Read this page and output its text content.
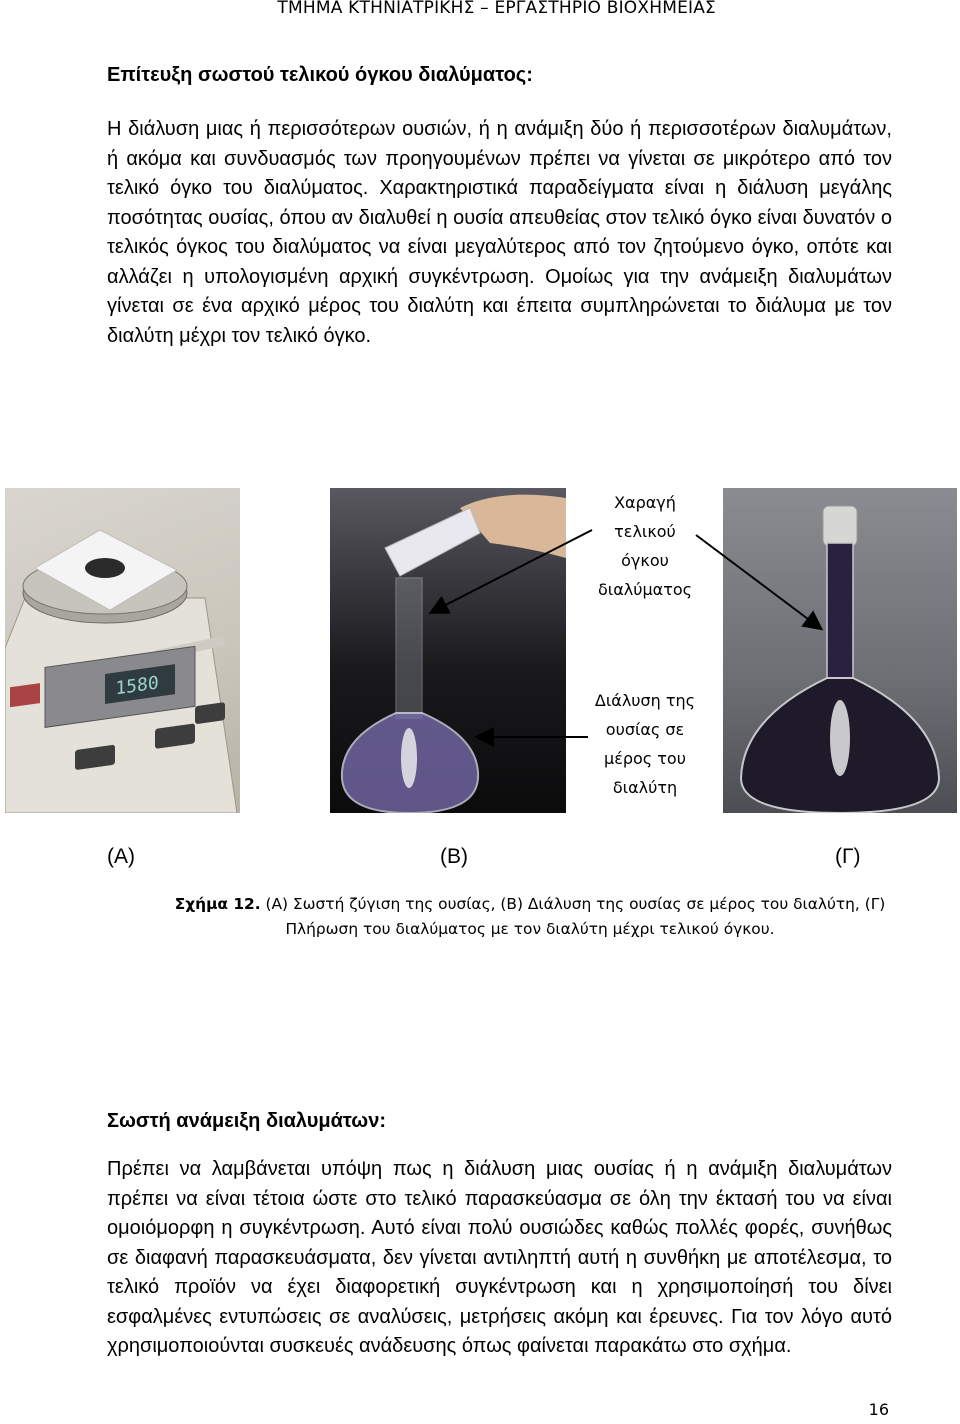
ΤΜΗΜΑ ΚΤΗΝΙΑΤΡΙΚΗΣ – ΕΡΓΑΣΤΗΡΙΟ ΒΙΟΧΗΜΕΙΑΣ
Επίτευξη σωστού τελικού όγκου διαλύματος:
Η διάλυση μιας ή περισσότερων ουσιών, ή η ανάμιξη δύο ή περισσοτέρων διαλυμάτων, ή ακόμα και συνδυασμός των προηγουμένων πρέπει να γίνεται σε μικρότερο από τον τελικό όγκο του διαλύματος. Χαρακτηριστικά παραδείγματα είναι η διάλυση μεγάλης ποσότητας ουσίας, όπου αν διαλυθεί η ουσία απευθείας στον τελικό όγκο είναι δυνατόν ο τελικός όγκος του διαλύματος να είναι μεγαλύτερος από τον ζητούμενο όγκο, οπότε και αλλάζει η υπολογισμένη αρχική συγκέντρωση. Ομοίως για την ανάμειξη διαλυμάτων γίνεται σε ένα αρχικό μέρος του διαλύτη και έπειτα συμπληρώνεται το διάλυμα με τον διαλύτη μέχρι τον τελικό όγκο.
1580
Χαραγή
τελικού
όγκου
διαλύματος
Διάλυση της
ουσίας σε
μέρος του
διαλύτη
(Α)	(Β)	(Γ)
Σχήμα 12. (Α) Σωστή ζύγιση της ουσίας, (Β) Διάλυση της ουσίας σε μέρος του διαλύτη, (Γ)
Πλήρωση του διαλύματος με τον διαλύτη μέχρι τελικού όγκου.
Σωστή ανάμειξη διαλυμάτων:
Πρέπει να λαμβάνεται υπόψη πως η διάλυση μιας ουσίας ή η ανάμιξη διαλυμάτων πρέπει να είναι τέτοια ώστε στο τελικό παρασκεύασμα σε όλη την έκτασή του να είναι ομοιόμορφη η συγκέντρωση. Αυτό είναι πολύ ουσιώδες καθώς πολλές φορές, συνήθως σε διαφανή παρασκευάσματα, δεν γίνεται αντιληπτή αυτή η συνθήκη με αποτέλεσμα, το τελικό προϊόν να έχει διαφορετική συγκέντρωση και η χρησιμοποίησή του δίνει εσφαλμένες εντυπώσεις σε αναλύσεις, μετρήσεις ακόμη και έρευνες. Για τον λόγο αυτό χρησιμοποιούνται συσκευές ανάδευσης όπως φαίνεται παρακάτω στο σχήμα.
16
